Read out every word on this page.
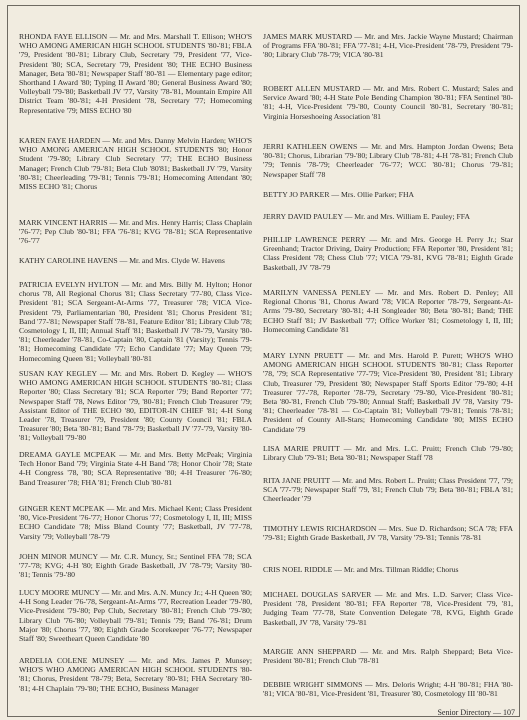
RHONDA FAYE ELLISON — Mr. and Mrs. Marshall T. Ellison; WHO'S WHO AMONG AMERICAN HIGH SCHOOL STUDENTS '80-'81; FBLA '79, President '80-'81; Library Club, Secretary '79, President '77, Vice-President '80; SCA, Secretary '79, President '80; THE ECHO Business Manager, Beta '80-'81; Newspaper Staff '80-'81 — Elementary page editor; Shorthand I Award '80; Typing II Award '80; General Business Award '80; Volleyball '79-'80; Basketball JV '77, Varsity '78-'81, Mountain Empire All District Team '80-'81; 4-H President '78, Secretary '77; Homecoming Representative '79; MISS ECHO '80
KAREN FAYE HARDEN — Mr. and Mrs. Danny Melvin Harden; WHO'S WHO AMONG AMERICAN HIGH SCHOOL STUDENTS '80; Honor Student '79-'80; Library Club Secretary '77; THE ECHO Business Manager; French Club '79-'81; Beta Club '80'81; Basketball JV '79, Varsity '80-'81; Cheerleading '79-'81; Tennis '79-'81; Homecoming Attendant '80; MISS ECHO '81; Chorus
MARK VINCENT HARRIS — Mr. and Mrs. Henry Harris; Class Chaplain '76-'77; Pep Club '80-'81; FFA '76-'81; KVG '78-'81; SCA Representative '76-'77
KATHY CAROLINE HAVENS — Mr. and Mrs. Clyde W. Havens
PATRICIA EVELYN HYLTON — Mr. and Mrs. Billy M. Hylton; Honor chorus '78, All Regional Chorus '81; Class Secretary '77-'80, Class Vice-President '81; SCA Sergeant-At-Arms '77, Treasurer '78; VICA Vice-President '79, Parliamentarian '80, President '81; Chorus President '81; Band '77-'81; Newspaper Staff '78-'81, Feature Editor '81; Library Club '78; Cosmetology I, II, III; Annual Staff '81; Basketball JV '78-'79, Varsity '80-'81; Cheerleader '78-'81, Co-Captain '80, Captain '81 (Varsity); Tennis '79-'81; Homecoming Candidate '77; Echo Candidate '77; May Queen '79; Homecoming Queen '81; Volleyball '80-'81
SUSAN KAY KEGLEY — Mr. and Mrs. Robert D. Kegley — WHO'S WHO AMONG AMERICAN HIGH SCHOOL STUDENTS '80-'81; Class Reporter '80; Class Secretary '81; SCA Reporter '79; Band Reporter '77; Newspaper Staff '78, News Editor '79, '80-'81; French Club Treasurer '79; Assistant Editor of THE ECHO '80, EDITOR-IN CHIEF '81; 4-H Song Leader '78, Treasurer '79, President '80; County Council '81; FBLA Treasurer '80; Beta '80-'81; Band '78-'79; Basketball JV '77-'79, Varsity '80-'81; Volleyball '79-'80
DREAMA GAYLE MCPEAK — Mr. and Mrs. Betty McPeak; Virginia Tech Honor Band '79; Virginia State 4-H Band '78; Honor Choir '78; State 4-H Congress '78, '80; SCA Representative '80; 4-H Treasurer '76-'80; Band Treasurer '78; FHA '81; French Club '80-'81
GINGER KENT MCPEAK — Mr. and Mrs. Michael Kent; Class President '80, Vice-President '76-'77; Honor Chorus '77; Cosmetology I, II, III; MISS ECHO Candidate '78; Miss Bland County '77; Basketball, JV '77-'78, Varsity '79; Volleyball '78-'79
JOHN MINOR MUNCY — Mr. C.R. Muncy, Sr.; Sentinel FFA '78; SCA '77-'78; KVG; 4-H '80; Eighth Grade Basketball, JV '78-'79; Varsity '80-'81; Tennis '79-'80
LUCY MOORE MUNCY — Mr. and Mrs. A.N. Muncy Jr.; 4-H Queen '80; 4-H Song Leader '76-'78, Sergeant-At-Arms '77, Recreation Leader '79-'80, Vice-President '79-'80; Pep Club, Secretary '80-'81; French Club '79-'80; Library Club '76-'80; Volleyball '79-'81; Tennis '79; Band '76-'81; Drum Major '80; Chorus '77, '80; Eighth Grade Scorekeeper '76-'77; Newspaper Staff '80; Sweetheart Queen Candidate '80
ARDELIA COLENE MUNSEY — Mr. and Mrs. James P. Munsey; WHO'S WHO AMONG AMERICAN HIGH SCHOOL STUDENTS '80-'81; Chorus, President '78-'79; Beta, Secretary '80-'81; FHA Secretary '80-'81; 4-H Chaplain '79-'80; THE ECHO, Business Manager
JAMES MARK MUSTARD — Mr. and Mrs. Jackie Wayne Mustard; Chairman of Programs FFA '80-'81; FFA '77-'81; 4-H, Vice-President '78-'79, President '79-'80; Library Club '78-'79; VICA '80-'81
ROBERT ALLEN MUSTARD — Mr. and Mrs. Robert C. Mustard; Sales and Service Award '80; 4-H State Pole Bending Champion '80-'81; FFA Sentinel '80-'81; 4-H, Vice-President '79-'80, County Council '80-'81, Secretary '80-'81; Virginia Horseshoeing Association '81
JERRI KATHLEEN OWENS — Mr. and Mrs. Hampton Jordan Owens; Beta '80-'81; Chorus, Librarian '79-'80; Library Club '78-'81; 4-H '78-'81; French Club '79; Tennis '78-'79; Cheerleader '76-'77; WCC '80-'81; Chorus '79-'81; Newspaper Staff '78
BETTY JO PARKER — Mrs. Ollie Parker; FHA
JERRY DAVID PAULEY — Mr. and Mrs. William E. Pauley; FFA
PHILLIP LAWRENCE PERRY — Mr. and Mrs. George H. Perry Jr.; Star Greenhand; Tractor Driving, Dairy Production; FFA Reporter '80, President '81; Class President '78; Chess Club '77; VICA '79-'81, KVG '78-'81; Eighth Grade Basketball, JV '78-'79
MARILYN VANESSA PENLEY — Mr. and Mrs. Robert D. Penley; All Regional Chorus '81, Chorus Award '78; VICA Reporter '78-'79, Sergeant-At-Arms '79-'80, Secretary '80-'81; 4-H Songleader '80; Beta '80-'81; Band; THE ECHO Staff '81; JV Basketball '77; Office Worker '81; Cosmetology I, II, III; Homecoming Candidate '81
MARY LYNN PRUETT — Mr. and Mrs. Harold P. Purett; WHO'S WHO AMONG AMERICAN HIGH SCHOOL STUDENTS '80-'81; Class Reporter '78, '79; SCA Representative '77-'79; Vice-President '80, President '81; Library Club, Treasurer '79, President '80; Newspaper Staff Sports Editor '79-'80; 4-H Treasurer '77-'78, Reporter '78-'79, Secretary '79-'80, Vice-President '80-'81; Beta '80-'81, French Club '79-'80; Annual Staff; Basketball JV '78, Varsity '79-'81; Cheerleader '78-'81 — Co-Captain '81; Volleyball '79-'81; Tennis '78-'81; President of County All-Stars; Homecoming Candidate '80; MISS ECHO Candidate '79
LISA MARIE PRUITT — Mr. and Mrs. L.C. Pruitt; French Club '79-'80; Library Club '79-'81; Beta '80-'81; Newspaper Staff '78
RITA JANE PRUITT — Mr. and Mrs. Robert L. Pruitt; Class President '77, '79; SCA '77-'79; Newspaper Staff '79, '81; French Club '79; Beta '80-'81; FBLA '81; Cheerleader '79
TIMOTHY LEWIS RICHARDSON — Mrs. Sue D. Richardson; SCA '78; FFA '79-'81; Eighth Grade Basketball, JV '78, Varsity '79-'81; Tennis '78-'81
CRIS NOEL RIDDLE — Mr. and Mrs. Tillman Riddle; Chorus
MICHAEL DOUGLAS SARVER — Mr. and Mrs. L.D. Sarver; Class Vice-President '78, President '80-'81; FFA Reporter '78, Vice-President '79, '81, Judging Team '77-'78, State Convention Delegate '78, KVG, Eighth Grade Basketball, JV '78, Varsity '79-'81
MARGIE ANN SHEPPARD — Mr. and Mrs. Ralph Sheppard; Beta Vice-President '80-'81; French Club '78-'81
DEBBIE WRIGHT SIMMONS — Mrs. Deloris Wright; 4-H '80-'81; FHA '80-'81; VICA '80-'81, Vice-President '81, Treasurer '80, Cosmetology III '80-'81
Senior Directory — 107
